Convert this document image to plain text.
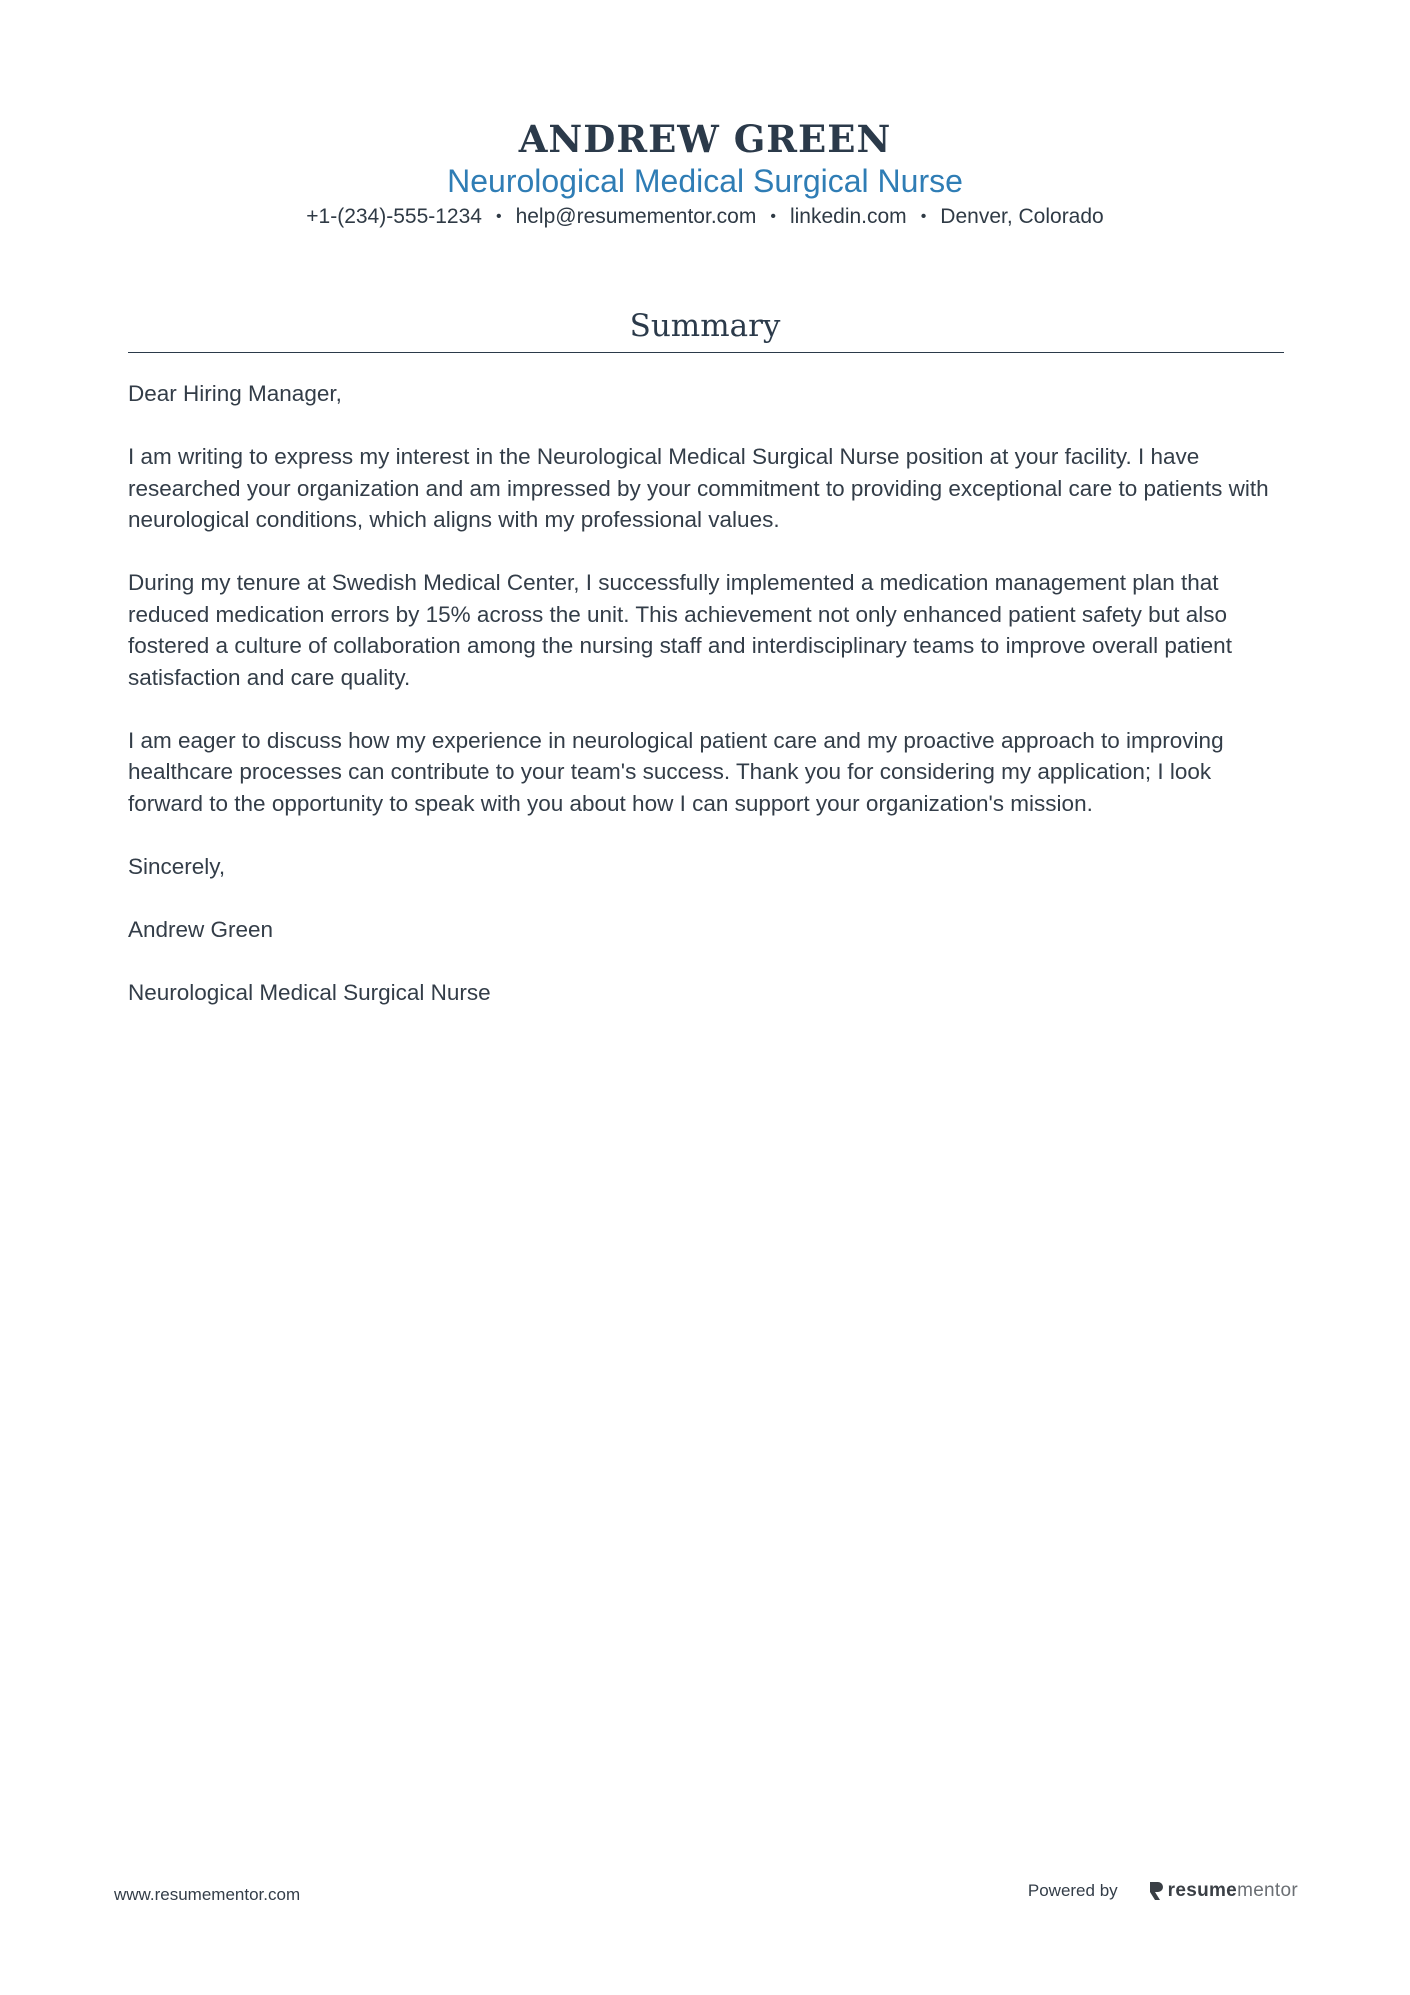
ANDREW GREEN
Neurological Medical Surgical Nurse
+1-(234)-555-1234 • help@resumementor.com • linkedin.com • Denver, Colorado
Summary

Dear Hiring Manager,

I am writing to express my interest in the Neurological Medical Surgical Nurse position at your facility. I have researched your organization and am impressed by your commitment to providing exceptional care to patients with neurological conditions, which aligns with my professional values.

During my tenure at Swedish Medical Center, I successfully implemented a medication management plan that reduced medication errors by 15% across the unit. This achievement not only enhanced patient safety but also fostered a culture of collaboration among the nursing staff and interdisciplinary teams to improve overall patient satisfaction and care quality.

I am eager to discuss how my experience in neurological patient care and my proactive approach to improving healthcare processes can contribute to your team's success. Thank you for considering my application; I look forward to the opportunity to speak with you about how I can support your organization's mission.

Sincerely,

Andrew Green

Neurological Medical Surgical Nurse

www.resumementor.com	Powered by	resume mentor
